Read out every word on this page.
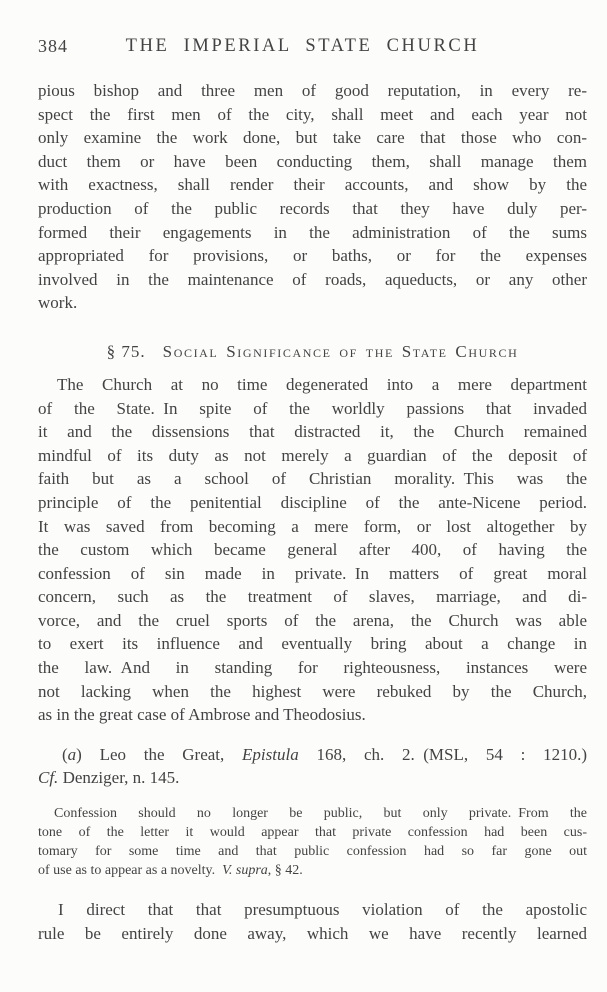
384	THE IMPERIAL STATE CHURCH
pious bishop and three men of good reputation, in every re-
spect the first men of the city, shall meet and each year not
only examine the work done, but take care that those who con-
duct them or have been conducting them, shall manage them
with exactness, shall render their accounts, and show by the
production of the public records that they have duly per-
formed their engagements in the administration of the sums
appropriated for provisions, or baths, or for the expenses
involved in the maintenance of roads, aqueducts, or any other
work.
§ 75. Social Significance of the State Church
The Church at no time degenerated into a mere department
of the State. In spite of the worldly passions that invaded
it and the dissensions that distracted it, the Church remained
mindful of its duty as not merely a guardian of the deposit of
faith but as a school of Christian morality. This was the
principle of the penitential discipline of the ante-Nicene period.
It was saved from becoming a mere form, or lost altogether by
the custom which became general after 400, of having the
confession of sin made in private. In matters of great moral
concern, such as the treatment of slaves, marriage, and di-
vorce, and the cruel sports of the arena, the Church was able
to exert its influence and eventually bring about a change in
the law. And in standing for righteousness, instances were
not lacking when the highest were rebuked by the Church,
as in the great case of Ambrose and Theodosius.
(a) Leo the Great, Epistula 168, ch. 2. (MSL, 54 : 1210.)
Cf. Denziger, n. 145.
Confession should no longer be public, but only private. From the
tone of the letter it would appear that private confession had been cus-
tomary for some time and that public confession had so far gone out
of use as to appear as a novelty. V. supra, § 42.
I direct that that presumptuous violation of the apostolic
rule be entirely done away, which we have recently learned
